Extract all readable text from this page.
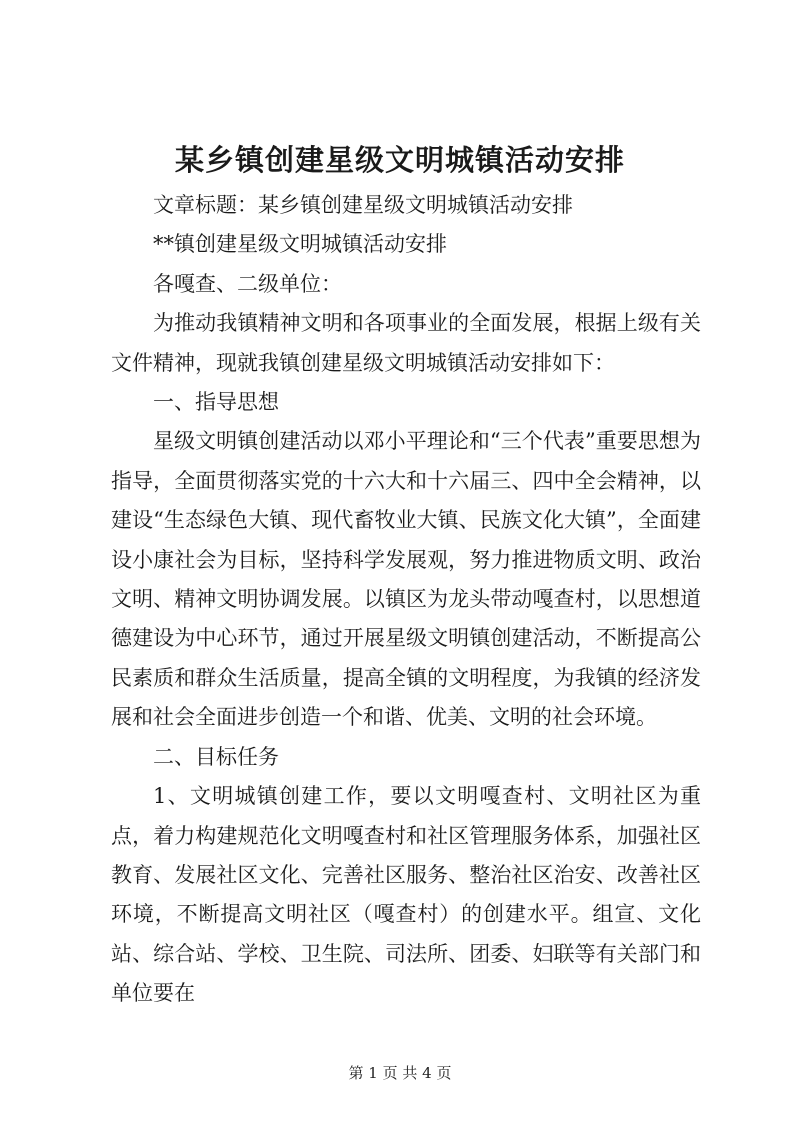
某乡镇创建星级文明城镇活动安排

文章标题：某乡镇创建星级文明城镇活动安排

**镇创建星级文明城镇活动安排

各嘎查、二级单位：

为推动我镇精神文明和各项事业的全面发展，根据上级有关文件精神，现就我镇创建星级文明城镇活动安排如下：

一、指导思想

星级文明镇创建活动以邓小平理论和“三个代表”重要思想为指导，全面贯彻落实党的十六大和十六届三、四中全会精神，以建设“生态绿色大镇、现代畜牧业大镇、民族文化大镇”，全面建设小康社会为目标，坚持科学发展观，努力推进物质文明、政治文明、精神文明协调发展。以镇区为龙头带动嘎查村，以思想道德建设为中心环节，通过开展星级文明镇创建活动，不断提高公民素质和群众生活质量，提高全镇的文明程度，为我镇的经济发展和社会全面进步创造一个和谐、优美、文明的社会环境。

二、目标任务

1、文明城镇创建工作，要以文明嘎查村、文明社区为重点，着力构建规范化文明嘎查村和社区管理服务体系，加强社区教育、发展社区文化、完善社区服务、整治社区治安、改善社区环境，不断提高文明社区（嘎查村）的创建水平。组宣、文化站、综合站、学校、卫生院、司法所、团委、妇联等有关部门和单位要在

第 1 页 共 4 页
